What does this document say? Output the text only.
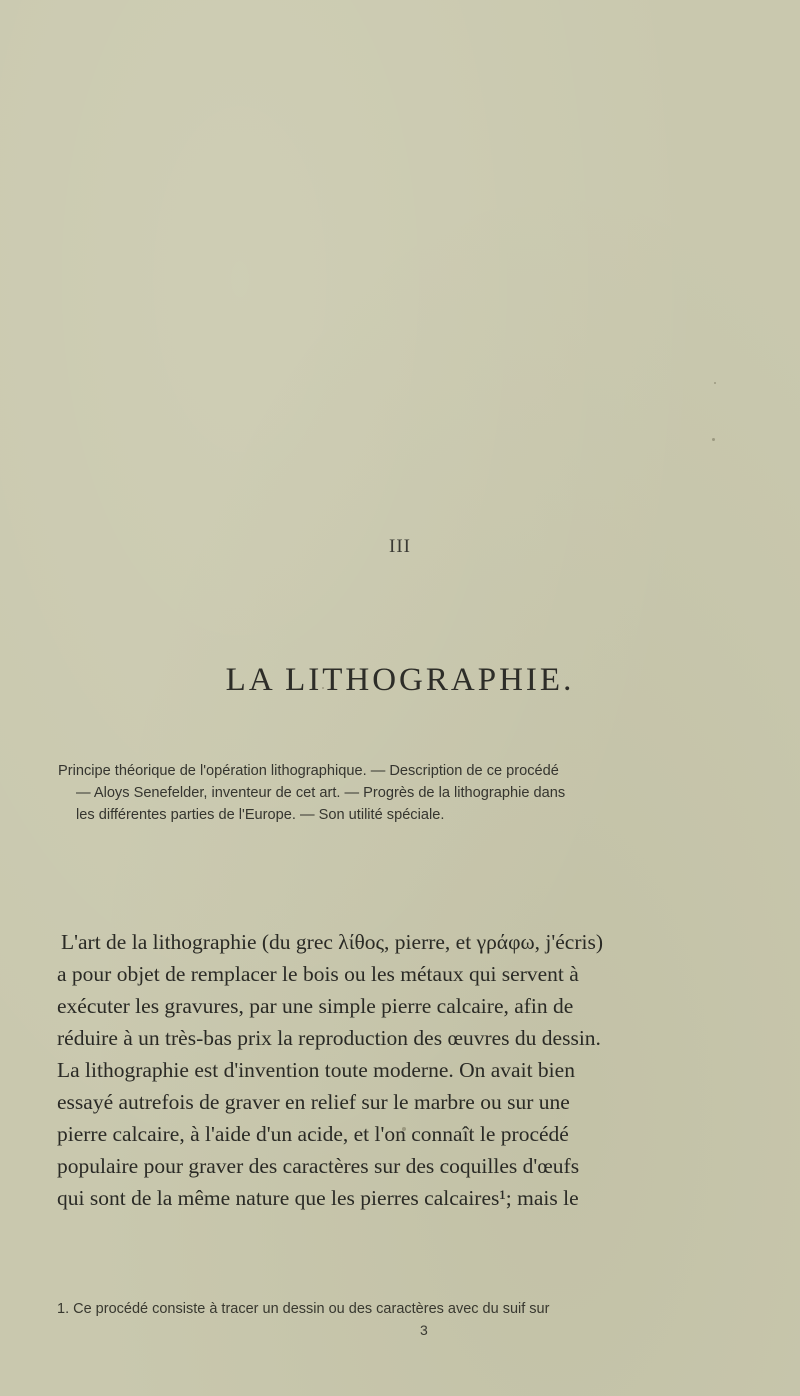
III
LA LITHOGRAPHIE.
Principe théorique de l'opération lithographique. — Description de ce procédé
— Aloys Senefelder, inventeur de cet art. — Progrès de la lithographie dans
les différentes parties de l'Europe. — Son utilité spéciale.
L'art de la lithographie (du grec λίθος, pierre, et γράφω, j'écris)
a pour objet de remplacer le bois ou les métaux qui servent à
exécuter les gravures, par une simple pierre calcaire, afin de
réduire à un très-bas prix la reproduction des œuvres du dessin.
La lithographie est d'invention toute moderne. On avait bien
essayé autrefois de graver en relief sur le marbre ou sur une
pierre calcaire, à l'aide d'un acide, et l'on connaît le procédé
populaire pour graver des caractères sur des coquilles d'œufs
qui sont de la même nature que les pierres calcaires¹; mais le
1. Ce procédé consiste à tracer un dessin ou des caractères avec du suif sur
3
